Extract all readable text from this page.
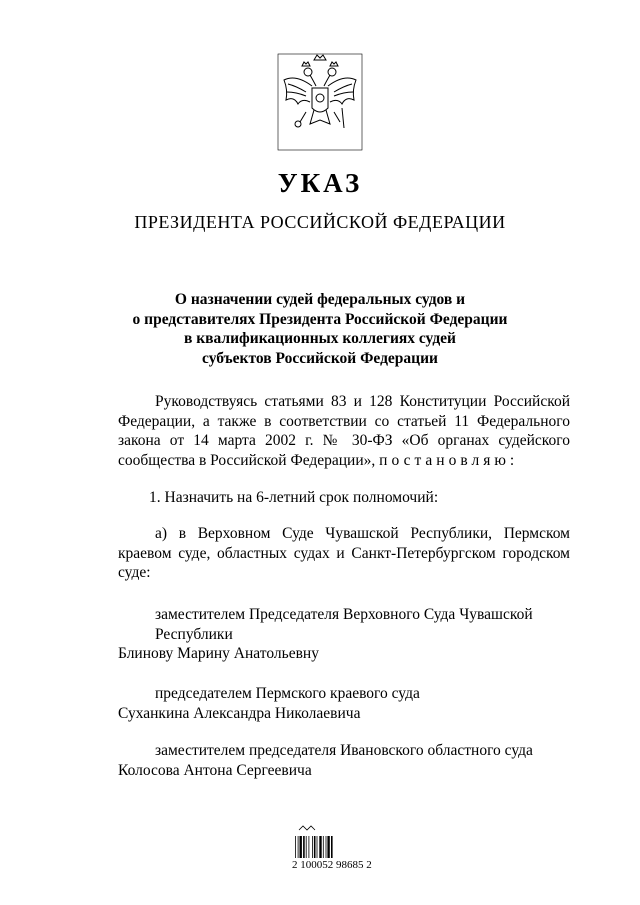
УКАЗ
ПРЕЗИДЕНТА РОССИЙСКОЙ ФЕДЕРАЦИИ
О назначении судей федеральных судов и
о представителях Президента Российской Федерации
в квалификационных коллегиях судей
субъектов Российской Федерации
Руководствуясь статьями 83 и 128 Конституции Российской
Федерации, а также в соответствии со статьей 11 Федерального
закона от 14 марта 2002 г. № 30-ФЗ «Об органах судейского
сообщества в Российской Федерации», постановляю:
1. Назначить на 6-летний срок полномочий:
а) в Верховном Суде Чувашской Республики, Пермском
краевом суде, областных судах и Санкт-Петербургском городском
суде:
заместителем Председателя Верховного Суда Чувашской
Республики
Блинову Марину Анатольевну
председателем Пермского краевого суда
Суханкина Александра Николаевича
заместителем председателя Ивановского областного суда
Колосова Антона Сергеевича
2 100052 98685 2
